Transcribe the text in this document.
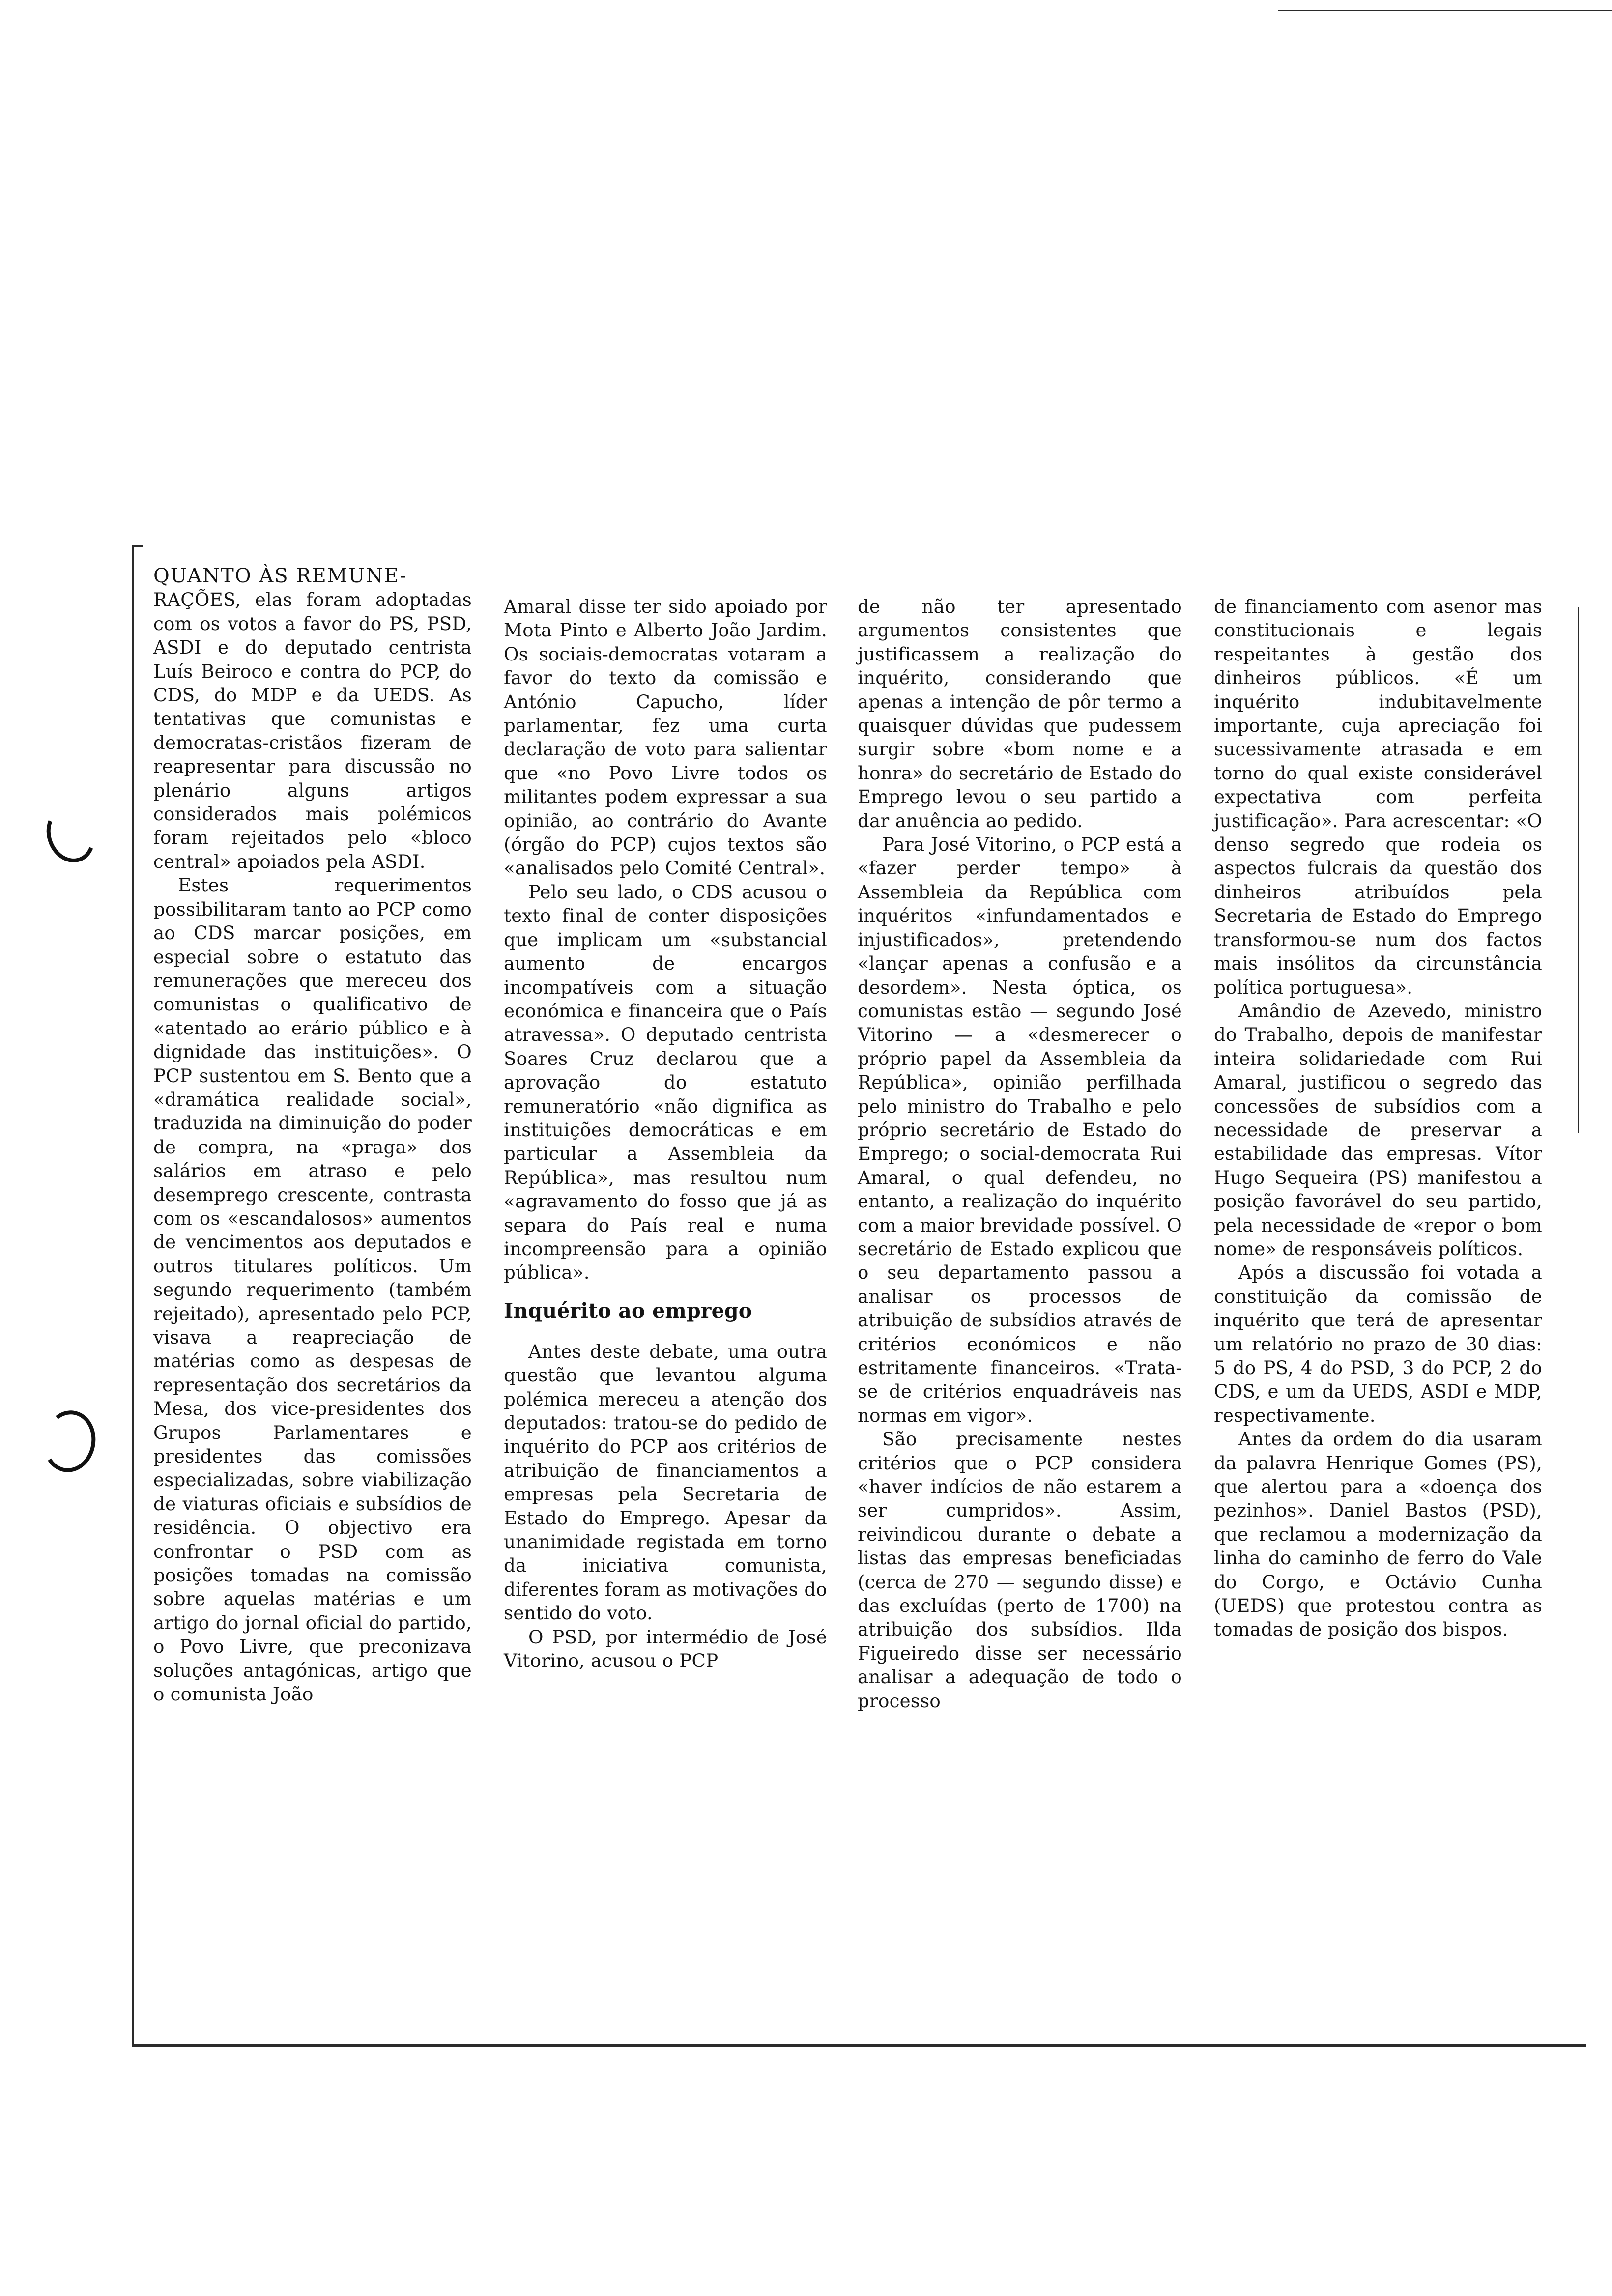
QUANTO ÀS REMUNE-

RAÇÕES, elas foram adoptadas com os votos a favor do PS, PSD, ASDI e do deputado centrista Luís Beiroco e contra do PCP, do CDS, do MDP e da UEDS. As tentativas que comunistas e democratas-cristãos fizeram de reapresentar para discussão no plenário alguns artigos considerados mais polémicos foram rejeitados pelo «bloco central» apoiados pela ASDI.

Estes requerimentos possibilitaram tanto ao PCP como ao CDS marcar posições, em especial sobre o estatuto das remunerações que mereceu dos comunistas o qualificativo de «atentado ao erário público e à dignidade das instituições». O PCP sustentou em S. Bento que a «dramática realidade social», traduzida na diminuição do poder de compra, na «praga» dos salários em atraso e pelo desemprego crescente, contrasta com os «escandalosos» aumentos de vencimentos aos deputados e outros titulares políticos. Um segundo requerimento (também rejeitado), apresentado pelo PCP, visava a reapreciação de matérias como as despesas de representação dos secretários da Mesa, dos vice-presidentes dos Grupos Parlamentares e presidentes das comissões especializadas, sobre viabilização de viaturas oficiais e subsídios de residência. O objectivo era confrontar o PSD com as posições tomadas na comissão sobre aquelas matérias e um artigo do jornal oficial do partido, o Povo Livre, que preconizava soluções antagónicas, artigo que o comunista João

Amaral disse ter sido apoiado por Mota Pinto e Alberto João Jardim. Os sociais-democratas votaram a favor do texto da comissão e António Capucho, líder parlamentar, fez uma curta declaração de voto para salientar que «no Povo Livre todos os militantes podem expressar a sua opinião, ao contrário do Avante (órgão do PCP) cujos textos são «analisados pelo Comité Central».

Pelo seu lado, o CDS acusou o texto final de conter disposições que implicam um «substancial aumento de encargos incompatíveis com a situação económica e financeira que o País atravessa». O deputado centrista Soares Cruz declarou que a aprovação do estatuto remuneratório «não dignifica as instituições democráticas e em particular a Assembleia da República», mas resultou num «agravamento do fosso que já as separa do País real e numa incompreensão para a opinião pública».

Inquérito ao emprego

Antes deste debate, uma outra questão que levantou alguma polémica mereceu a atenção dos deputados: tratou-se do pedido de inquérito do PCP aos critérios de atribuição de financiamentos a empresas pela Secretaria de Estado do Emprego. Apesar da unanimidade registada em torno da iniciativa comunista, diferentes foram as motivações do sentido do voto.

O PSD, por intermédio de José Vitorino, acusou o PCP

de não ter apresentado argumentos consistentes que justificassem a realização do inquérito, considerando que apenas a intenção de pôr termo a quaisquer dúvidas que pudessem surgir sobre «bom nome e a honra» do secretário de Estado do Emprego levou o seu partido a dar anuência ao pedido.

Para José Vitorino, o PCP está a «fazer perder tempo» à Assembleia da República com inquéritos «infundamentados e injustificados», pretendendo «lançar apenas a confusão e a desordem». Nesta óptica, os comunistas estão — segundo José Vitorino — a «desmerecer o próprio papel da Assembleia da República», opinião perfilhada pelo ministro do Trabalho e pelo próprio secretário de Estado do Emprego; o social-democrata Rui Amaral, o qual defendeu, no entanto, a realização do inquérito com a maior brevidade possível. O secretário de Estado explicou que o seu departamento passou a analisar os processos de atribuição de subsídios através de critérios económicos e não estritamente financeiros. «Trata-se de critérios enquadráveis nas normas em vigor».

São precisamente nestes critérios que o PCP considera «haver indícios de não estarem a ser cumpridos». Assim, reivindicou durante o debate a listas das empresas beneficiadas (cerca de 270 — segundo disse) e das excluídas (perto de 1700) na atribuição dos subsídios. Ilda Figueiredo disse ser necessário analisar a adequação de todo o processo

de financiamento com asenor mas constitucionais e legais respeitantes à gestão dos dinheiros públicos. «É um inquérito indubitavelmente importante, cuja apreciação foi sucessivamente atrasada e em torno do qual existe considerável expectativa com perfeita justificação». Para acrescentar: «O denso segredo que rodeia os aspectos fulcrais da questão dos dinheiros atribuídos pela Secretaria de Estado do Emprego transformou-se num dos factos mais insólitos da circunstância política portuguesa».

Amândio de Azevedo, ministro do Trabalho, depois de manifestar inteira solidariedade com Rui Amaral, justificou o segredo das concessões de subsídios com a necessidade de preservar a estabilidade das empresas. Vítor Hugo Sequeira (PS) manifestou a posição favorável do seu partido, pela necessidade de «repor o bom nome» de responsáveis políticos.

Após a discussão foi votada a constituição da comissão de inquérito que terá de apresentar um relatório no prazo de 30 dias: 5 do PS, 4 do PSD, 3 do PCP, 2 do CDS, e um da UEDS, ASDI e MDP, respectivamente.

Antes da ordem do dia usaram da palavra Henrique Gomes (PS), que alertou para a «doença dos pezinhos». Daniel Bastos (PSD), que reclamou a modernização da linha do caminho de ferro do Vale do Corgo, e Octávio Cunha (UEDS) que protestou contra as tomadas de posição dos bispos.
